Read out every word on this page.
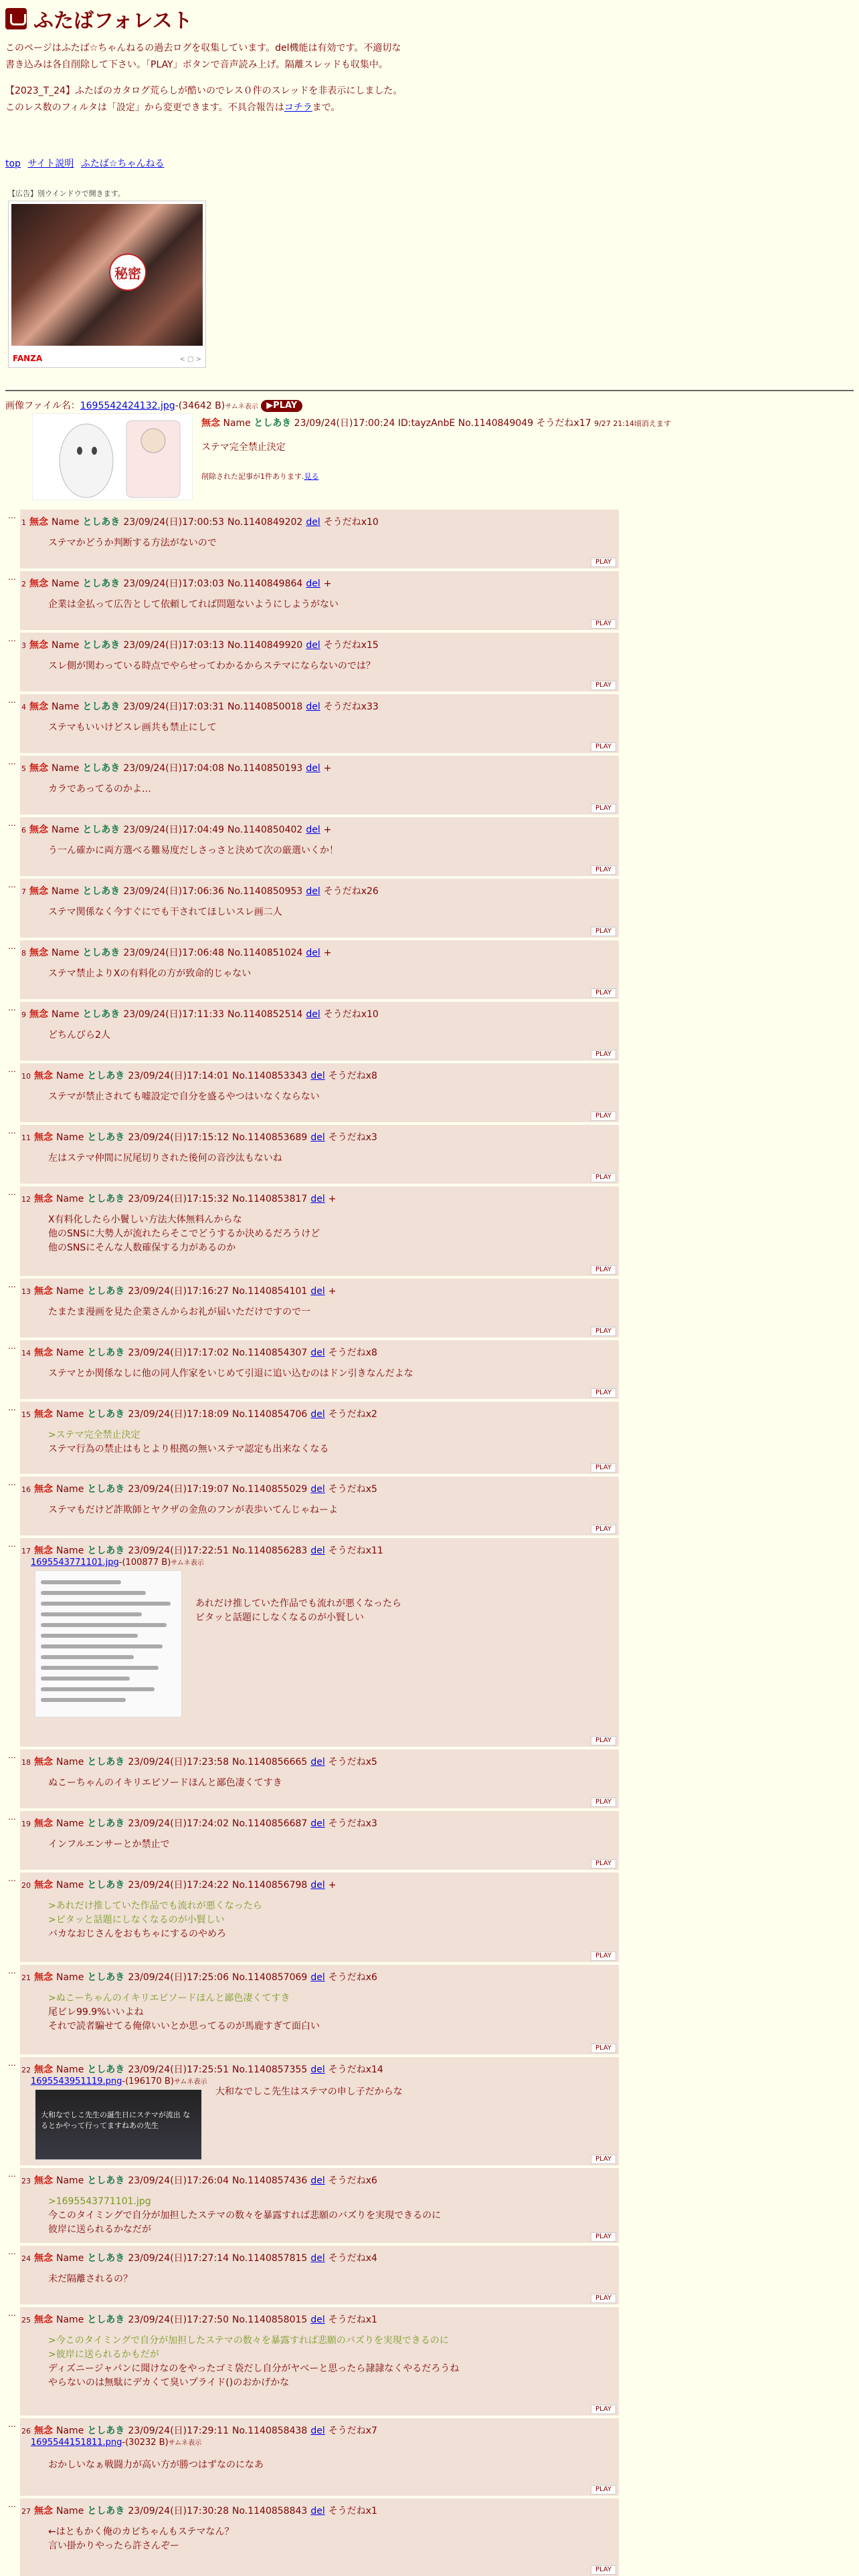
ふたばフォレスト

このページはふたば☆ちゃんねるの過去ログを収集しています。del機能は有効です。不適切な書き込みは各自削除して下さい。「PLAY」ボタンで音声読み上げ。隔離スレッドも収集中。

【2023_T_24】ふたばのカタログ荒らしが酷いのでレス０件のスレッドを非表示にしました。このレス数のフィルタは「設定」から変更できます。不具合報告はコチラまで。

top サイト説明 ふたば☆ちゃんねる
【広告】別ウインドウで開きます。
秘密
FANZA	< ▢ >
画像ファイル名：1695542424132.jpg-(34642 B)サムネ表示 ▶PLAY
無念 Name としあき 23/09/24(日)17:00:24 ID:tayzAnbE No.1140849049 そうだねx17 9/27 21:14頃消えます
ステマ完全禁止決定
削除された記事が1件あります.見る
…
1 無念 Name としあき 23/09/24(日)17:00:53 No.1140849202 del そうだねx10
ステマかどうか判断する方法がないので
PLAY
…
2 無念 Name としあき 23/09/24(日)17:03:03 No.1140849864 del +
企業は金払って広告として依頼してれば問題ないようにしようがない
PLAY
…
3 無念 Name としあき 23/09/24(日)17:03:13 No.1140849920 del そうだねx15
スレ側が関わっている時点でやらせってわかるからステマにならないのでは？
PLAY
…
4 無念 Name としあき 23/09/24(日)17:03:31 No.1140850018 del そうだねx33
ステマもいいけどスレ画共も禁止にして
PLAY
…
5 無念 Name としあき 23/09/24(日)17:04:08 No.1140850193 del +
カラであってるのかよ…
PLAY
…
6 無念 Name としあき 23/09/24(日)17:04:49 No.1140850402 del +
う一ん確かに両方選べる難易度だしさっさと決めて次の厳選いくか！
PLAY
…
7 無念 Name としあき 23/09/24(日)17:06:36 No.1140850953 del そうだねx26
ステマ関係なく今すぐにでも干されてほしいスレ画二人
PLAY
…
8 無念 Name としあき 23/09/24(日)17:06:48 No.1140851024 del +
ステマ禁止よりXの有料化の方が致命的じゃない
PLAY
…
9 無念 Name としあき 23/09/24(日)17:11:33 No.1140852514 del そうだねx10
どちんびら2人
PLAY
…
10 無念 Name としあき 23/09/24(日)17:14:01 No.1140853343 del そうだねx8
ステマが禁止されても嘘設定で自分を盛るやつはいなくならない
PLAY
…
11 無念 Name としあき 23/09/24(日)17:15:12 No.1140853689 del そうだねx3
左はステマ仲間に尻尾切りされた後何の音沙汰もないね
PLAY
…
12 無念 Name としあき 23/09/24(日)17:15:32 No.1140853817 del +
X有料化したら小鬢しい方法大体無料んからな
他のSNSに大勢人が流れたらそこでどうするか決めるだろうけど
他のSNSにそんな人数確保する力があるのか
PLAY
…
13 無念 Name としあき 23/09/24(日)17:16:27 No.1140854101 del +
たまたま漫画を見た企業さんからお礼が届いただけですので一
PLAY
…
14 無念 Name としあき 23/09/24(日)17:17:02 No.1140854307 del そうだねx8
ステマとか関係なしに他の同人作家をいじめて引退に追い込むのはドン引きなんだよな
PLAY
…
15 無念 Name としあき 23/09/24(日)17:18:09 No.1140854706 del そうだねx2
>ステマ完全禁止決定
ステマ行為の禁止はもとより根拠の無いステマ認定も出来なくなる
PLAY
…
16 無念 Name としあき 23/09/24(日)17:19:07 No.1140855029 del そうだねx5
ステマもだけど詐欺師とヤクザの金魚のフンが表歩いてんじゃねーよ
PLAY
…
17 無念 Name としあき 23/09/24(日)17:22:51 No.1140856283 del そうだねx11
1695543771101.jpg-(100877 B)サムネ表示
あれだけ推していた作品でも流れが悪くなったら
ピタッと話題にしなくなるのが小賢しい
PLAY
…
18 無念 Name としあき 23/09/24(日)17:23:58 No.1140856665 del そうだねx5
ぬこーちゃんのイキリエピソードほんと鄙色凄くてすき
PLAY
…
19 無念 Name としあき 23/09/24(日)17:24:02 No.1140856687 del そうだねx3
インフルエンサーとか禁止で
PLAY
…
20 無念 Name としあき 23/09/24(日)17:24:22 No.1140856798 del +
>あれだけ推していた作品でも流れが悪くなったら
>ピタッと話題にしなくなるのが小賢しい
バカなおじさんをおもちゃにするのやめろ
PLAY
…
21 無念 Name としあき 23/09/24(日)17:25:06 No.1140857069 del そうだねx6
>ぬこーちゃんのイキリエピソードほんと鄙色凄くてすき
尾ビレ99.9%いいよね
それで読者騙せてる俺偉いいとか思ってるのが馬鹿すぎて面白い
PLAY
…
22 無念 Name としあき 23/09/24(日)17:25:51 No.1140857355 del そうだねx14
1695543951119.png-(196170 B)サムネ表示
大和なでしこ先生の誕生日にステマが流出 なるとかやって行ってますねあの先生
大和なでしこ先生はステマの申し子だからな
PLAY
…
23 無念 Name としあき 23/09/24(日)17:26:04 No.1140857436 del そうだねx6
>1695543771101.jpg
今このタイミングで自分が加担したステマの数々を暴露すれば悲願のバズりを実現できるのに
彼岸に送られるかなだが
PLAY
…
24 無念 Name としあき 23/09/24(日)17:27:14 No.1140857815 del そうだねx4
未だ隔離されるの？
PLAY
…
25 無念 Name としあき 23/09/24(日)17:27:50 No.1140858015 del そうだねx1
>今このタイミングで自分が加担したステマの数々を暴露すれば悲願のバズりを実現できるのに
>彼岸に送られるかもだが
ディズニージャパンに聞けなのをやったゴミ袋だし自分がヤベーと思ったら隷隷なくやるだろうね
やらないのは無駄にデカくて臭いプライド()のおかげかな
PLAY
…
26 無念 Name としあき 23/09/24(日)17:29:11 No.1140858438 del そうだねx7
1695544151811.png-(30232 B)サムネ表示
おかしいなぁ戦闘力が高い方が勝つはずなのになあ
PLAY
…
27 無念 Name としあき 23/09/24(日)17:30:28 No.1140858843 del そうだねx1
←はともかく俺のカビちゃんもステマなん？
言い掛かりやったら許さんぞー
PLAY
